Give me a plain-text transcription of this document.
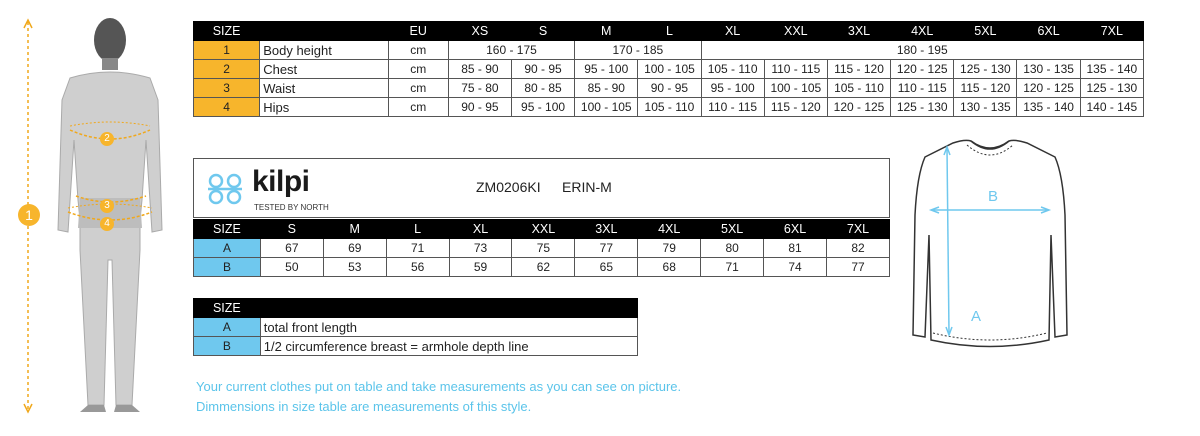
1
2
3
4
SIZE		EU	XS	S	M	L	XL	XXL	3XL	4XL	5XL	6XL	7XL
1	Body height	cm	160 - 175		170 - 185		180 - 195						
2	Chest	cm	85 - 90	90 - 95	95 - 100	100 - 105	105 - 110	110 - 115	115 - 120	120 - 125	125 - 130	130 - 135	135 - 140
3	Waist	cm	75 - 80	80 - 85	85 - 90	90 - 95	95 - 100	100 - 105	105 - 110	110 - 115	115 - 120	120 - 125	125 - 130
4	Hips	cm	90 - 95	95 - 100	100 - 105	105 - 110	110 - 115	115 - 120	120 - 125	125 - 130	130 - 135	135 - 140	140 - 145
kilpi
TESTED BY NORTH
ZM0206KI ERIN-M
SIZE	S	M	L	XL	XXL	3XL	4XL	5XL	6XL	7XL
A	67	69	71	73	75	77	79	80	81	82
B	50	53	56	59	62	65	68	71	74	77
SIZE	
A	total front length
B	1/2 circumference breast = armhole depth line
B
A
Your current clothes put on table and take measurements as you can see on picture.
Dimmensions in size table are measurements of this style.
